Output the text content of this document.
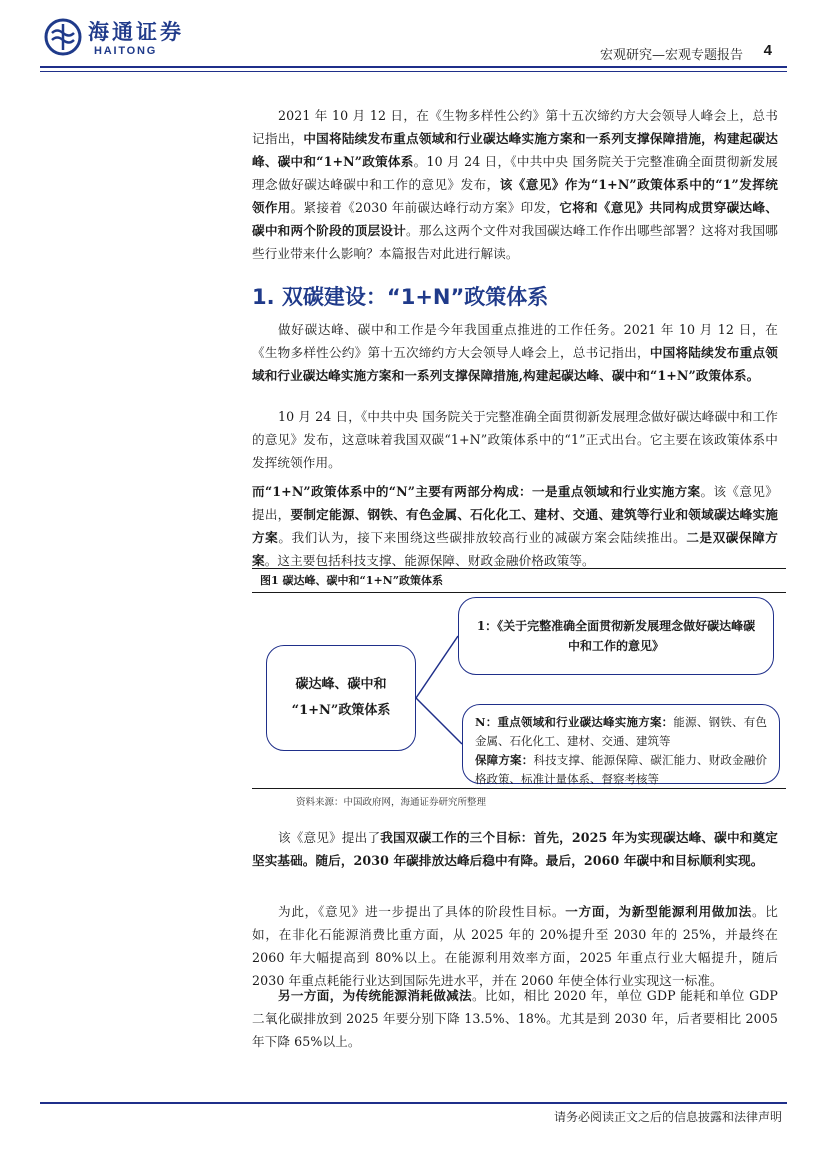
海通证券
HAITONG	宏观研究—宏观专题报告 4
2021 年 10 月 12 日，在《生物多样性公约》第十五次缔约方大会领导人峰会上，总书记指出，中国将陆续发布重点领域和行业碳达峰实施方案和一系列支撑保障措施，构建起碳达峰、碳中和“1+N”政策体系。10 月 24 日，《中共中央 国务院关于完整准确全面贯彻新发展理念做好碳达峰碳中和工作的意见》发布，该《意见》作为“1+N”政策体系中的“1”发挥统领作用。紧接着《2030 年前碳达峰行动方案》印发，它将和《意见》共同构成贯穿碳达峰、碳中和两个阶段的顶层设计。那么这两个文件对我国碳达峰工作作出哪些部署？这将对我国哪些行业带来什么影响？本篇报告对此进行解读。
1. 双碳建设：“1+N”政策体系
做好碳达峰、碳中和工作是今年我国重点推进的工作任务。2021 年 10 月 12 日，在《生物多样性公约》第十五次缔约方大会领导人峰会上，总书记指出，中国将陆续发布重点领域和行业碳达峰实施方案和一系列支撑保障措施,构建起碳达峰、碳中和“1+N”政策体系。
10 月 24 日，《中共中央 国务院关于完整准确全面贯彻新发展理念做好碳达峰碳中和工作的意见》发布，这意味着我国双碳“1+N”政策体系中的“1”正式出台。它主要在该政策体系中发挥统领作用。
而“1+N”政策体系中的“N”主要有两部分构成：一是重点领域和行业实施方案。该《意见》提出，要制定能源、钢铁、有色金属、石化化工、建材、交通、建筑等行业和领域碳达峰实施方案。我们认为，接下来围绕这些碳排放较高行业的减碳方案会陆续推出。二是双碳保障方案。这主要包括科技支撑、能源保障、财政金融价格政策等。
图1 碳达峰、碳中和“1+N”政策体系
碳达峰、碳中和
“1+N”政策体系
1：《关于完整准确全面贯彻新发展理念做好碳达峰碳中和工作的意见》
N：重点领域和行业碳达峰实施方案：能源、钢铁、有色金属、石化化工、建材、交通、建筑等
保障方案：科技支撑、能源保障、碳汇能力、财政金融价格政策、标准计量体系、督察考核等
资料来源：中国政府网，海通证券研究所整理
该《意见》提出了我国双碳工作的三个目标：首先，2025 年为实现碳达峰、碳中和奠定坚实基础。随后，2030 年碳排放达峰后稳中有降。最后，2060 年碳中和目标顺利实现。
为此，《意见》进一步提出了具体的阶段性目标。一方面，为新型能源利用做加法。比如，在非化石能源消费比重方面，从 2025 年的 20%提升至 2030 年的 25%，并最终在 2060 年大幅提高到 80%以上。在能源利用效率方面，2025 年重点行业大幅提升，随后 2030 年重点耗能行业达到国际先进水平，并在 2060 年使全体行业实现这一标准。
另一方面，为传统能源消耗做减法。比如，相比 2020 年，单位 GDP 能耗和单位 GDP 二氧化碳排放到 2025 年要分别下降 13.5%、18%。尤其是到 2030 年，后者要相比 2005 年下降 65%以上。
请务必阅读正文之后的信息披露和法律声明
